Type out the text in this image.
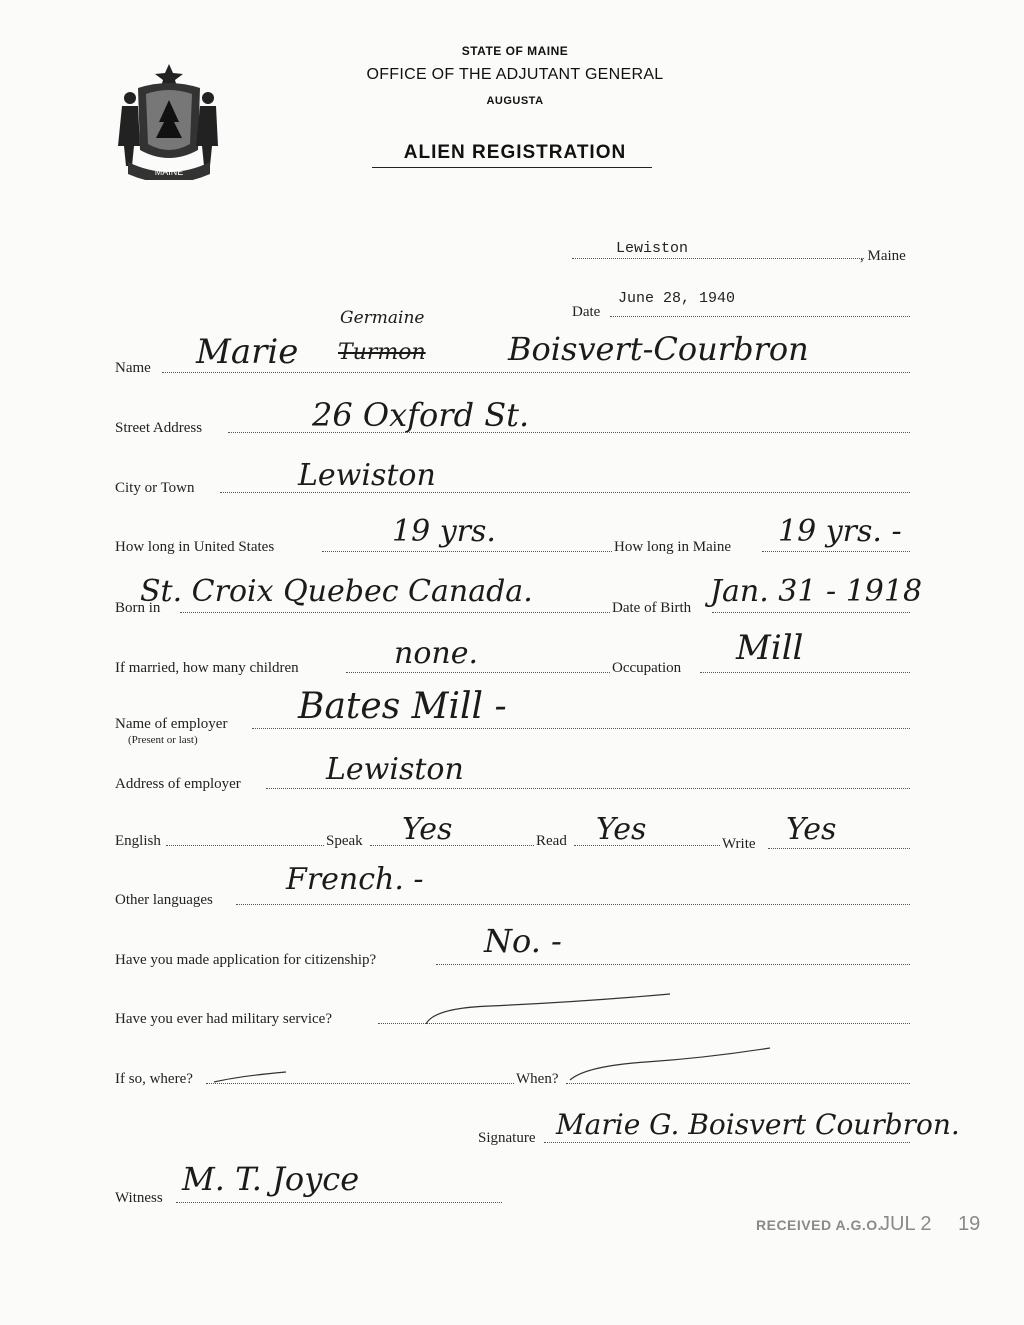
MAINE
STATE OF MAINE
OFFICE OF THE ADJUTANT GENERAL
AUGUSTA
ALIEN REGISTRATION
Lewiston	, Maine
Date
June 28, 1940
Name Marie
Germaine
Turmon	Boisvert-Courbron
Street Address	26 Oxford St.
City or Town	Lewiston
How long in United States	19 yrs.	How long in Maine 19 yrs. -
Born in
St. Croix Quebec Canada.	Date of Birth Jan. 31 - 1918
If married, how many children	none.	Occupation Mill
Name of employer
(Present or last)
Bates Mill -
Address of employer	Lewiston
English	Speak Yes	Read Yes	Write Yes
Other languages
French. -
Have you made application for citizenship?	No. -
Have you ever had military service?
If so, where?	When?
Signature Marie G. Boisvert Courbron.
Witness M. T. Joyce
RECEIVED A.G.O.
JUL 2 19
